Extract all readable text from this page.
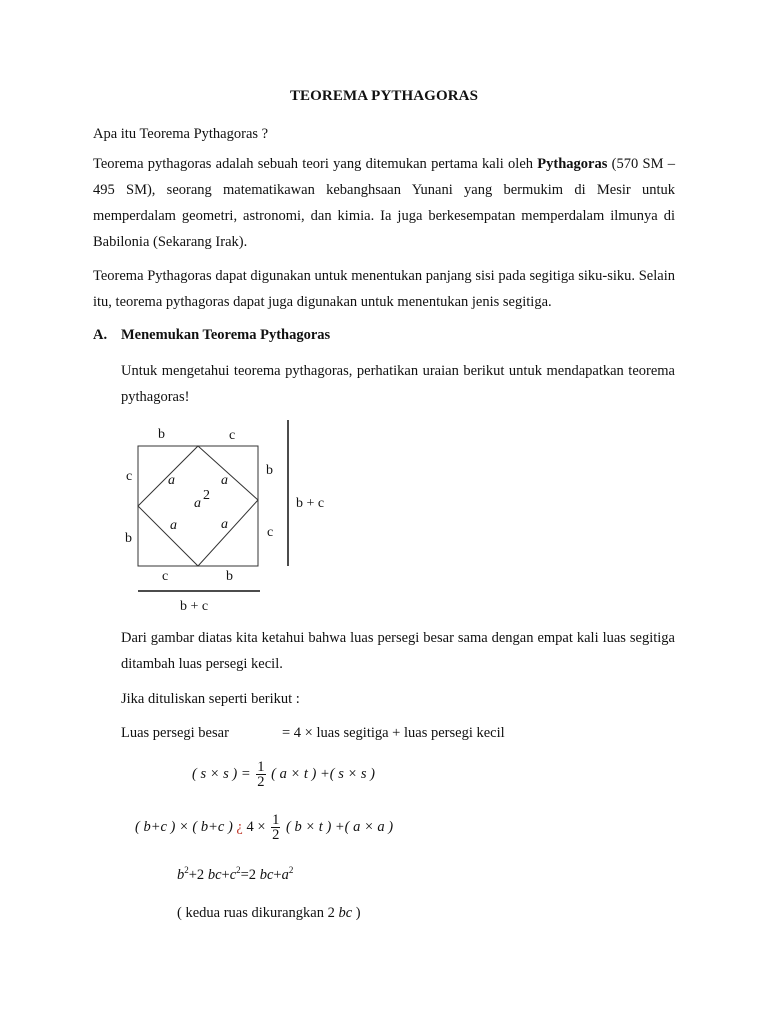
TEOREMA PYTHAGORAS
Apa itu Teorema Pythagoras ?
Teorema pythagoras adalah sebuah teori yang ditemukan pertama kali oleh Pythagoras (570 SM – 495 SM), seorang matematikawan kebanghsaan Yunani yang bermukim di Mesir untuk memperdalam geometri, astronomi, dan kimia. Ia juga berkesempatan memperdalam ilmunya di Babilonia (Sekarang Irak).
Teorema Pythagoras dapat digunakan untuk menentukan panjang sisi pada segitiga siku-siku. Selain itu, teorema pythagoras dapat juga digunakan untuk menentukan jenis segitiga.
A. Menemukan Teorema Pythagoras
Untuk mengetahui teorema pythagoras, perhatikan uraian berikut untuk mendapatkan teorema pythagoras!
b	c
c
b
b
c
c	b
a	a
a	a
a
2
b + c
b + c
Dari gambar diatas kita ketahui bahwa luas persegi besar sama dengan empat kali luas segitiga ditambah luas persegi kecil.
Jika dituliskan seperti berikut :
Luas persegi besar	= 4 × luas segitiga + luas persegi kecil
( s × s ) = $\frac{1}{2}$ ( a × t ) +( s × s )
( b+c ) × ( b+c ) ¿ $4 \times \frac{1}{2}$ ( b × t ) +( a × a )
$b^2+2$ $bc+c^2=2$ $bc+a^2$
( kedua ruas dikurangkan 2 bc )
